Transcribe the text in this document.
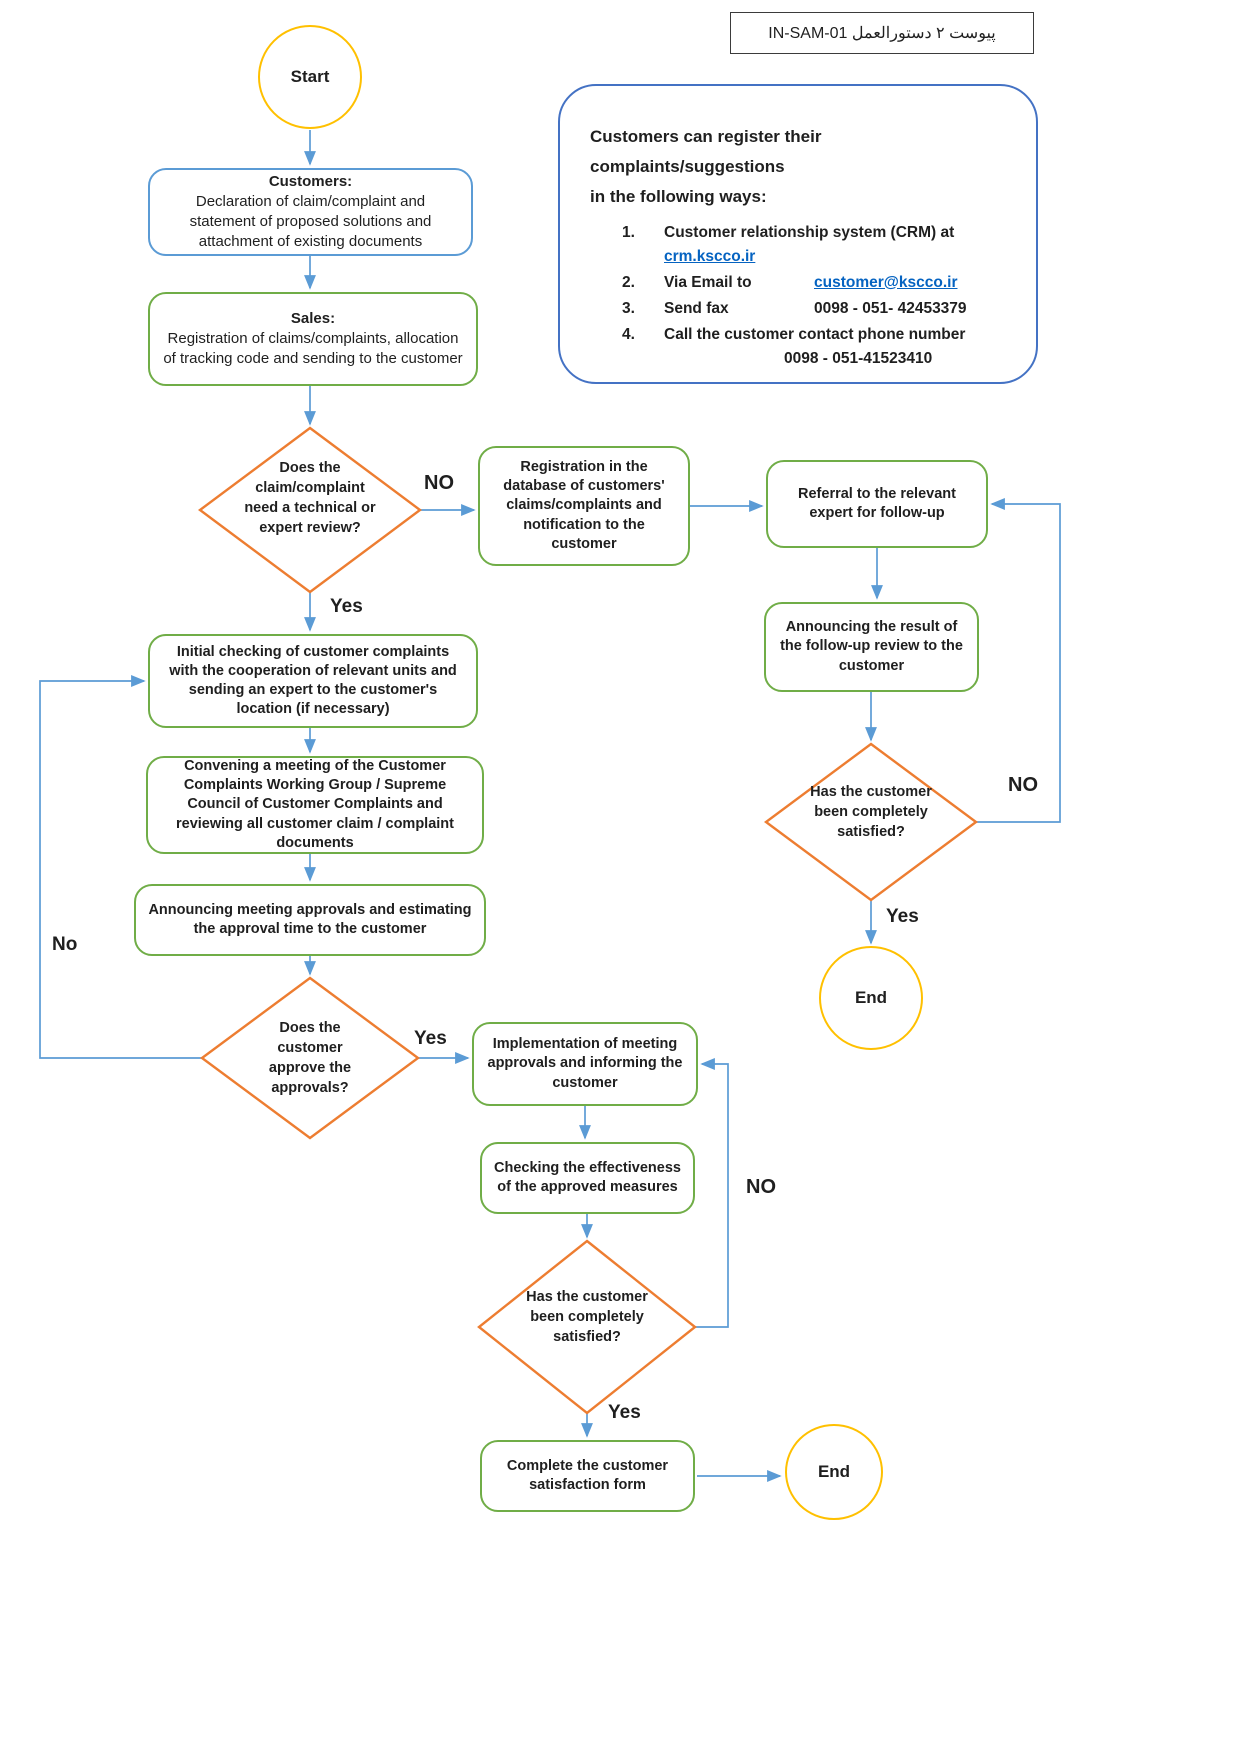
پیوست ۲ دستورالعمل IN-SAM-01
Customers can register their complaints/suggestions
in the following ways:
1.	Customer relationship system (CRM) at
crm.kscco.ir
2.	Via Email to	customer@kscco.ir
3.	Send fax	0098 - 051- 42453379
4.	Call the customer contact phone number
0098 - 051-41523410
Start
End
End
Customers:
Declaration of claim/complaint and statement of proposed solutions and attachment of existing documents
Sales:
Registration of claims/complaints, allocation of tracking code and sending to the customer
Registration in the database of customers' claims/complaints and notification to the customer
Referral to the relevant expert for follow-up
Announcing the result of the follow-up review to the customer
Initial checking of customer complaints with the cooperation of relevant units and sending an expert to the customer's location (if necessary)
Convening a meeting of the Customer Complaints Working Group / Supreme Council of Customer Complaints and reviewing all customer claim / complaint documents
Announcing meeting approvals and estimating the approval time to the customer
Implementation of meeting approvals and informing the customer
Checking the effectiveness of the approved measures
Complete the customer satisfaction form
Does the claim/complaint need a technical or expert review?
Has the customer been completely satisfied?
Does the customer approve the approvals?
Has the customer been completely satisfied?
NO
Yes
NO
Yes
No
Yes
NO
Yes
